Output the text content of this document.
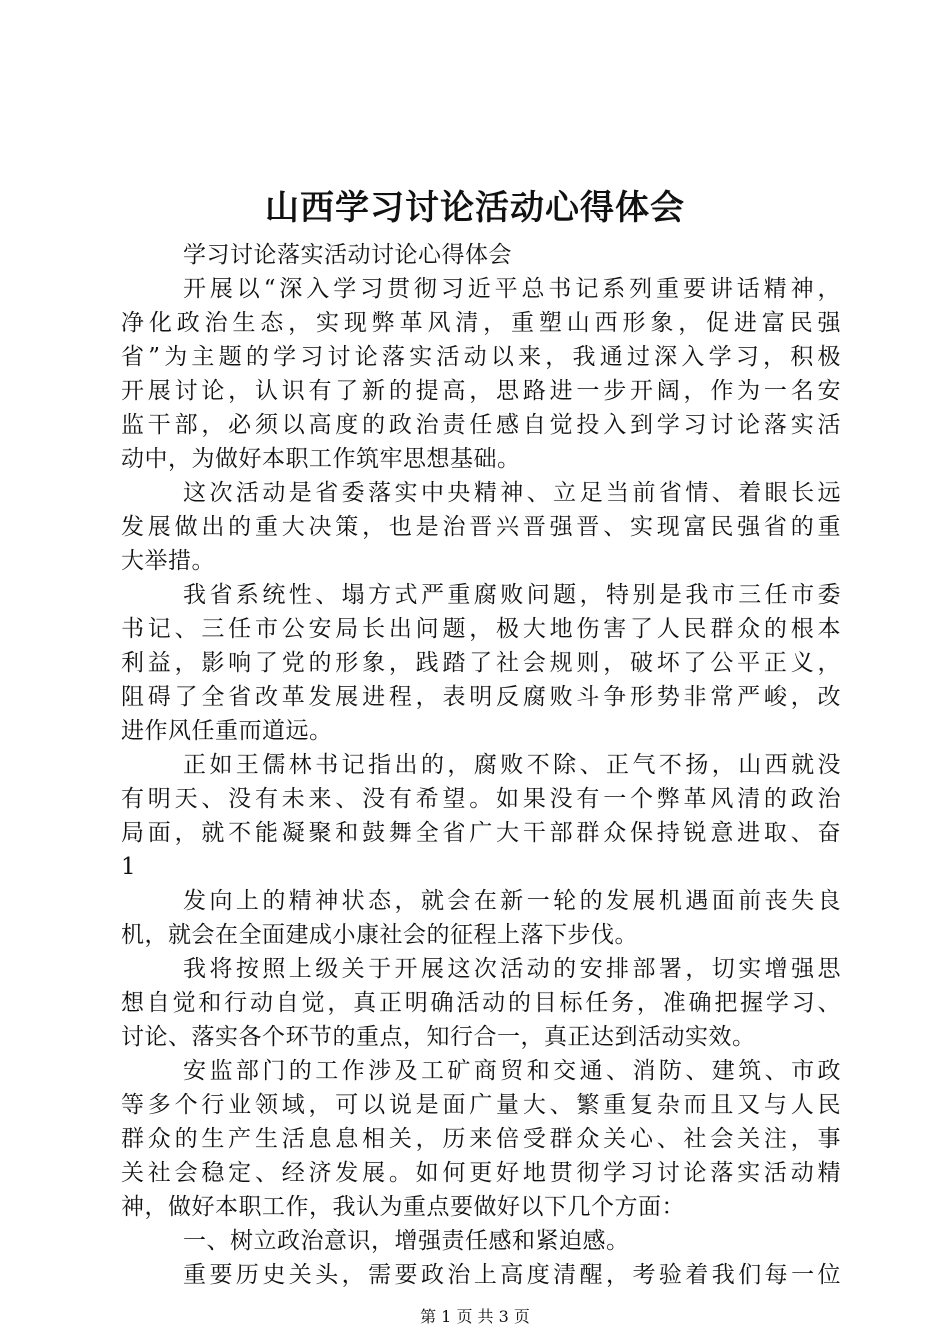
山西学习讨论活动心得体会
学习讨论落实活动讨论心得体会
开展以“深入学习贯彻习近平总书记系列重要讲话精神，
净化政治生态，实现弊革风清，重塑山西形象，促进富民强
省”为主题的学习讨论落实活动以来，我通过深入学习，积极
开展讨论，认识有了新的提高，思路进一步开阔，作为一名安
监干部，必须以高度的政治责任感自觉投入到学习讨论落实活
动中，为做好本职工作筑牢思想基础。
这次活动是省委落实中央精神、立足当前省情、着眼长远
发展做出的重大决策，也是治晋兴晋强晋、实现富民强省的重
大举措。
我省系统性、塌方式严重腐败问题，特别是我市三任市委
书记、三任市公安局长出问题，极大地伤害了人民群众的根本
利益，影响了党的形象，践踏了社会规则，破坏了公平正义，
阻碍了全省改革发展进程，表明反腐败斗争形势非常严峻，改
进作风任重而道远。
正如王儒林书记指出的，腐败不除、正气不扬，山西就没
有明天、没有未来、没有希望。如果没有一个弊革风清的政治
局面，就不能凝聚和鼓舞全省广大干部群众保持锐意进取、奋
1
发向上的精神状态，就会在新一轮的发展机遇面前丧失良
机，就会在全面建成小康社会的征程上落下步伐。
我将按照上级关于开展这次活动的安排部署，切实增强思
想自觉和行动自觉，真正明确活动的目标任务，准确把握学习、
讨论、落实各个环节的重点，知行合一，真正达到活动实效。
安监部门的工作涉及工矿商贸和交通、消防、建筑、市政
等多个行业领域，可以说是面广量大、繁重复杂而且又与人民
群众的生产生活息息相关，历来倍受群众关心、社会关注，事
关社会稳定、经济发展。如何更好地贯彻学习讨论落实活动精
神，做好本职工作，我认为重点要做好以下几个方面：
一、树立政治意识，增强责任感和紧迫感。
重要历史关头，需要政治上高度清醒，考验着我们每一位
第 1 页 共 3 页
